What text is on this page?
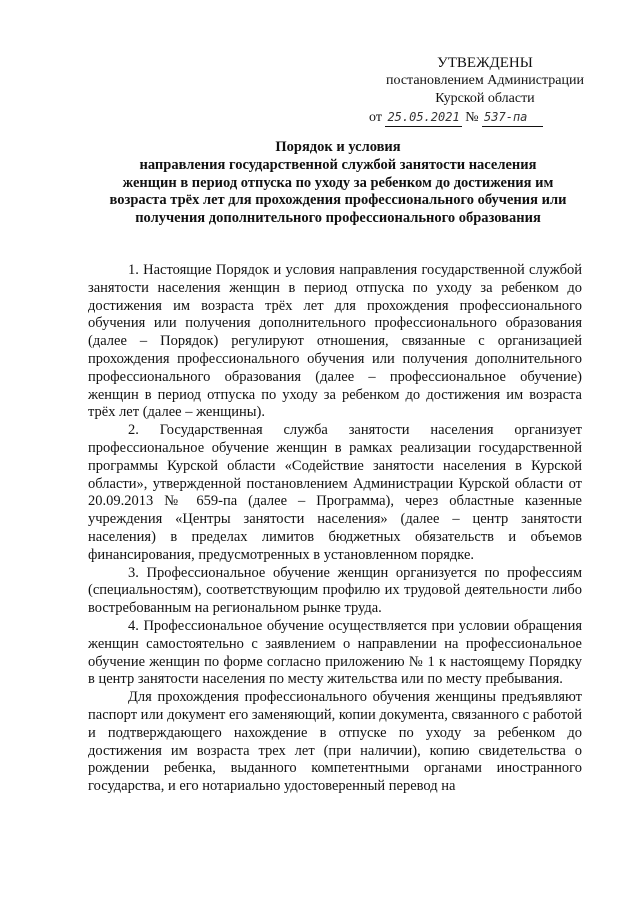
УТВЕЖДЕНЫ
постановлением Администрации
Курской области
от 25.05.2021 № 537-па
Порядок и условия
направления государственной службой занятости населения
женщин в период отпуска по уходу за ребенком до достижения им
возраста трёх лет для прохождения профессионального обучения или
получения дополнительного профессионального образования

1. Настоящие Порядок и условия направления государственной службой занятости населения женщин в период отпуска по уходу за ребенком до достижения им возраста трёх лет для прохождения профессионального обучения или получения дополнительного профессионального образования (далее – Порядок) регулируют отношения, связанные с организацией прохождения профессионального обучения или получения дополнительного профессионального образования (далее – профессиональное обучение) женщин в период отпуска по уходу за ребенком до достижения им возраста трёх лет (далее – женщины).

2. Государственная служба занятости населения организует профессиональное обучение женщин в рамках реализации государственной программы Курской области «Содействие занятости населения в Курской области», утвержденной постановлением Администрации Курской области от 20.09.2013 № 659-па (далее – Программа), через областные казенные учреждения «Центры занятости населения» (далее – центр занятости населения) в пределах лимитов бюджетных обязательств и объемов финансирования, предусмотренных в установленном порядке.

3. Профессиональное обучение женщин организуется по профессиям (специальностям), соответствующим профилю их трудовой деятельности либо востребованным на региональном рынке труда.

4. Профессиональное обучение осуществляется при условии обращения женщин самостоятельно с заявлением о направлении на профессиональное обучение женщин по форме согласно приложению № 1 к настоящему Порядку в центр занятости населения по месту жительства или по месту пребывания.

Для прохождения профессионального обучения женщины предъявляют паспорт или документ его заменяющий, копии документа, связанного с работой и подтверждающего нахождение в отпуске по уходу за ребенком до достижения им возраста трех лет (при наличии), копию свидетельства о рождении ребенка, выданного компетентными органами иностранного государства, и его нотариально удостоверенный перевод на
